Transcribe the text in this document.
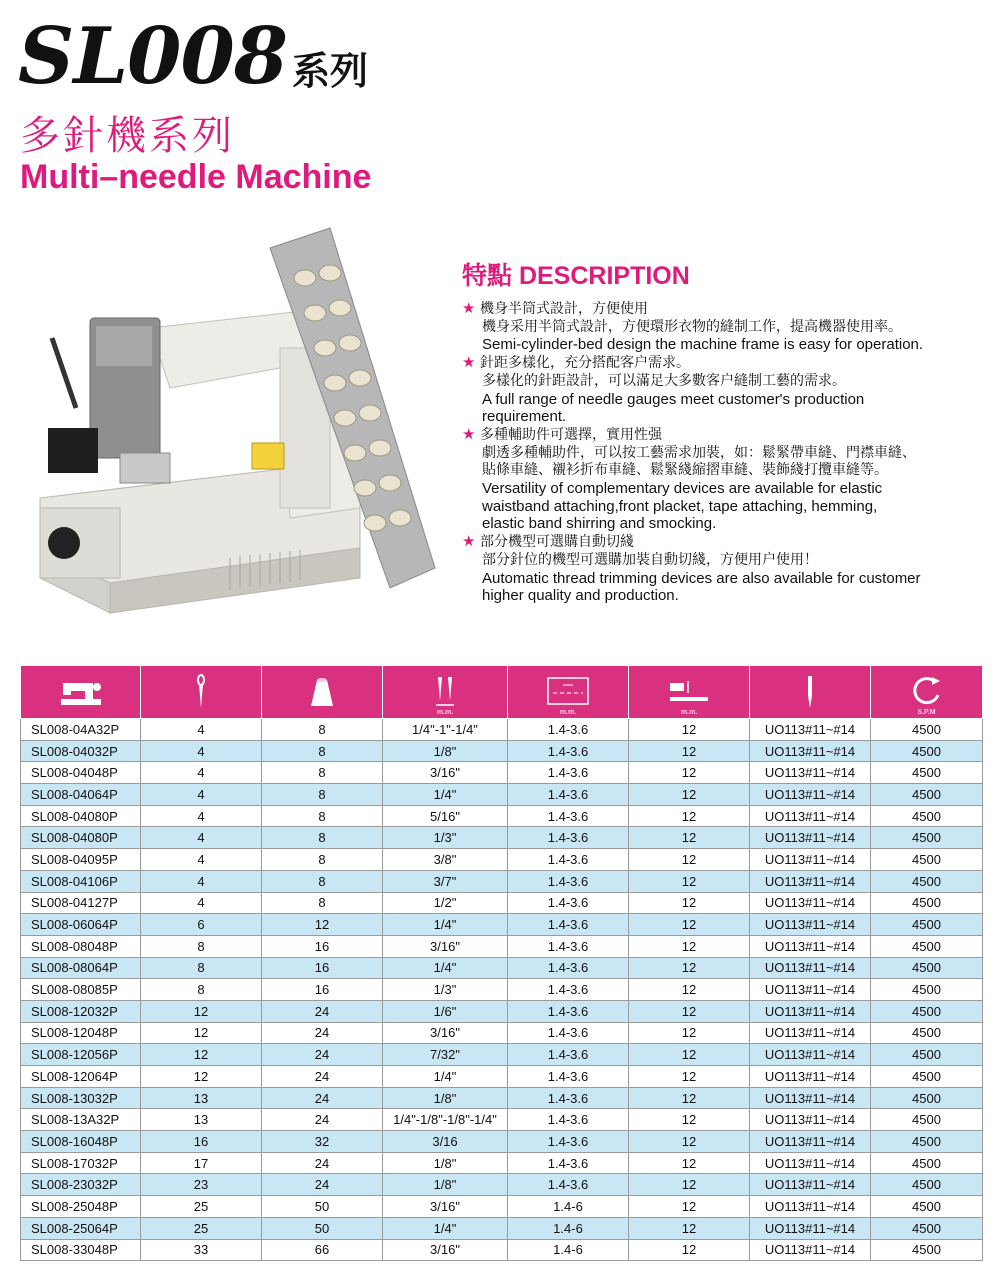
SL008 系列
多針機系列
Multi–needle Machine
特點 DESCRIPTION
★ 機身半筒式設計，方便使用
機身采用半筒式設計，方便環形衣物的縫制工作，提高機器使用率。
Semi-cylinder-bed design the machine frame is easy for operation.
★ 針距多樣化，充分搭配客户需求。
多樣化的針距設計，可以滿足大多數客户縫制工藝的需求。
A full range of needle gauges meet customer's production
requirement.
★ 多種輔助件可選擇，實用性强
劇透多種輔助件，可以按工藝需求加裝，如：鬆緊帶車縫、門襟車縫、
貼條車縫、襯衫折布車縫、鬆緊綫縮摺車縫、裝飾綫打攬車縫等。
Versatility of complementary devices are available for elastic
waistband attaching,front placket, tape attaching, hemming,
elastic band shirring and smocking.
★ 部分機型可選購自動切綫
部分針位的機型可選購加裝自動切綫，方便用户使用！
Automatic thread trimming devices are also available for customer
higher quality and production.

m.m.	m.m.	m.m.		S.P.M

SL008-04A32P	4	8	1/4"-1"-1/4"	1.4-3.6	12	UO113#11~#14	4500
SL008-04032P	4	8	1/8"	1.4-3.6	12	UO113#11~#14	4500
SL008-04048P	4	8	3/16"	1.4-3.6	12	UO113#11~#14	4500
SL008-04064P	4	8	1/4"	1.4-3.6	12	UO113#11~#14	4500
SL008-04080P	4	8	5/16"	1.4-3.6	12	UO113#11~#14	4500
SL008-04080P	4	8	1/3"	1.4-3.6	12	UO113#11~#14	4500
SL008-04095P	4	8	3/8"	1.4-3.6	12	UO113#11~#14	4500
SL008-04106P	4	8	3/7"	1.4-3.6	12	UO113#11~#14	4500
SL008-04127P	4	8	1/2"	1.4-3.6	12	UO113#11~#14	4500
SL008-06064P	6	12	1/4"	1.4-3.6	12	UO113#11~#14	4500
SL008-08048P	8	16	3/16"	1.4-3.6	12	UO113#11~#14	4500
SL008-08064P	8	16	1/4"	1.4-3.6	12	UO113#11~#14	4500
SL008-08085P	8	16	1/3"	1.4-3.6	12	UO113#11~#14	4500
SL008-12032P	12	24	1/6"	1.4-3.6	12	UO113#11~#14	4500
SL008-12048P	12	24	3/16"	1.4-3.6	12	UO113#11~#14	4500
SL008-12056P	12	24	7/32"	1.4-3.6	12	UO113#11~#14	4500
SL008-12064P	12	24	1/4"	1.4-3.6	12	UO113#11~#14	4500
SL008-13032P	13	24	1/8"	1.4-3.6	12	UO113#11~#14	4500
SL008-13A32P	13	24	1/4"-1/8"-1/8"-1/4"	1.4-3.6	12	UO113#11~#14	4500
SL008-16048P	16	32	3/16	1.4-3.6	12	UO113#11~#14	4500
SL008-17032P	17	24	1/8"	1.4-3.6	12	UO113#11~#14	4500
SL008-23032P	23	24	1/8"	1.4-3.6	12	UO113#11~#14	4500
SL008-25048P	25	50	3/16"	1.4-6	12	UO113#11~#14	4500
SL008-25064P	25	50	1/4"	1.4-6	12	UO113#11~#14	4500
SL008-33048P	33	66	3/16"	1.4-6	12	UO113#11~#14	4500
